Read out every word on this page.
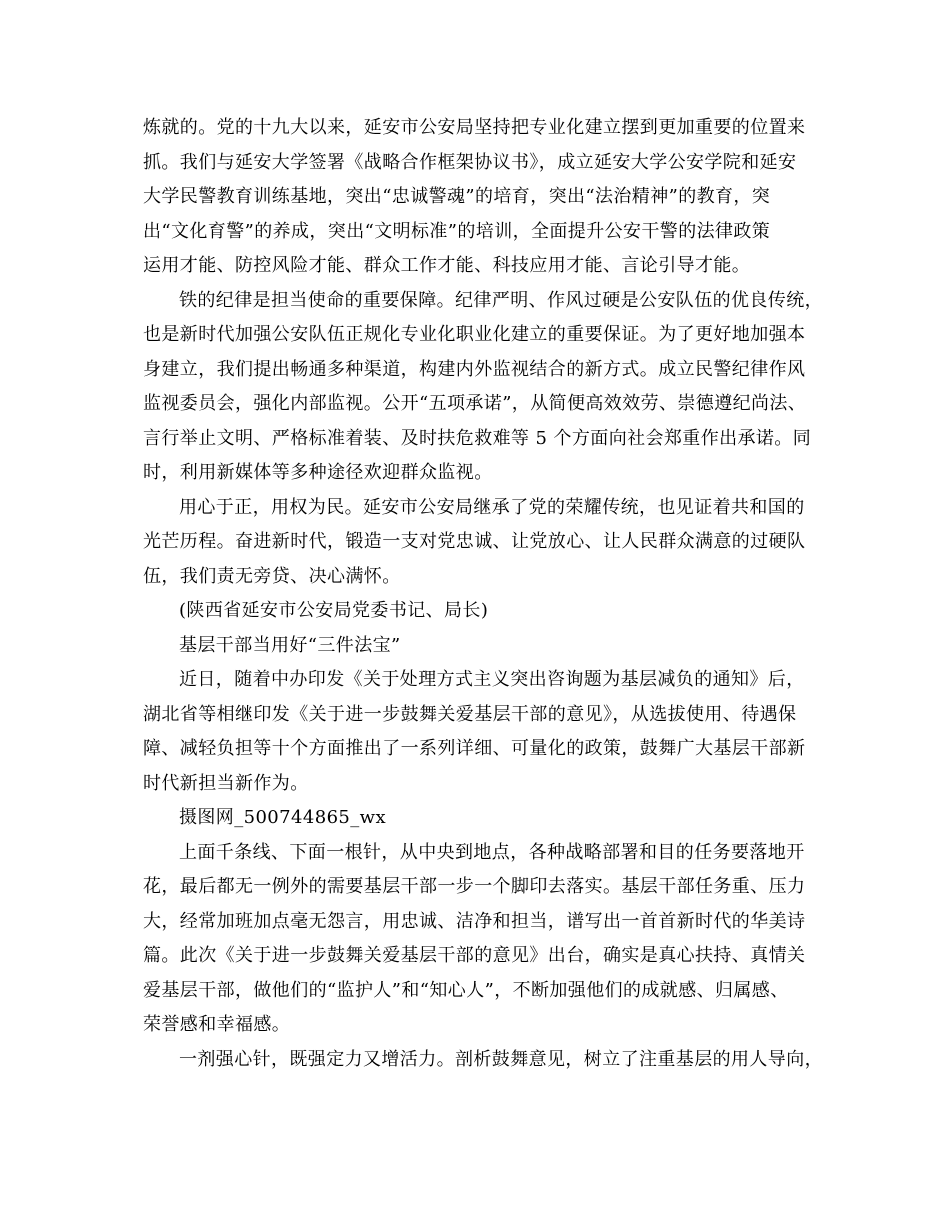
炼就的。党的十九大以来，延安市公安局坚持把专业化建立摆到更加重要的位置来

抓。我们与延安大学签署《战略合作框架协议书》，成立延安大学公安学院和延安

大学民警教育训练基地，突出“忠诚警魂”的培育，突出“法治精神”的教育，突

出“文化育警”的养成，突出“文明标准”的培训，全面提升公安干警的法律政策

运用才能、防控风险才能、群众工作才能、科技应用才能、言论引导才能。

铁的纪律是担当使命的重要保障。纪律严明、作风过硬是公安队伍的优良传统，

也是新时代加强公安队伍正规化专业化职业化建立的重要保证。为了更好地加强本

身建立，我们提出畅通多种渠道，构建内外监视结合的新方式。成立民警纪律作风

监视委员会，强化内部监视。公开“五项承诺”，从简便高效效劳、崇德遵纪尚法、

言行举止文明、严格标准着装、及时扶危救难等 5 个方面向社会郑重作出承诺。同

时，利用新媒体等多种途径欢迎群众监视。

用心于正，用权为民。延安市公安局继承了党的荣耀传统，也见证着共和国的

光芒历程。奋进新时代，锻造一支对党忠诚、让党放心、让人民群众满意的过硬队

伍，我们责无旁贷、决心满怀。

(陕西省延安市公安局党委书记、局长)

基层干部当用好“三件法宝”

近日，随着中办印发《关于处理方式主义突出咨询题为基层减负的通知》后，

湖北省等相继印发《关于进一步鼓舞关爱基层干部的意见》，从选拔使用、待遇保

障、减轻负担等十个方面推出了一系列详细、可量化的政策，鼓舞广大基层干部新

时代新担当新作为。

摄图网_500744865_wx

上面千条线、下面一根针，从中央到地点，各种战略部署和目的任务要落地开

花，最后都无一例外的需要基层干部一步一个脚印去落实。基层干部任务重、压力

大，经常加班加点毫无怨言，用忠诚、洁净和担当，谱写出一首首新时代的华美诗

篇。此次《关于进一步鼓舞关爱基层干部的意见》出台，确实是真心扶持、真情关

爱基层干部，做他们的“监护人”和“知心人”，不断加强他们的成就感、归属感、

荣誉感和幸福感。

一剂强心针，既强定力又增活力。剖析鼓舞意见，树立了注重基层的用人导向，
